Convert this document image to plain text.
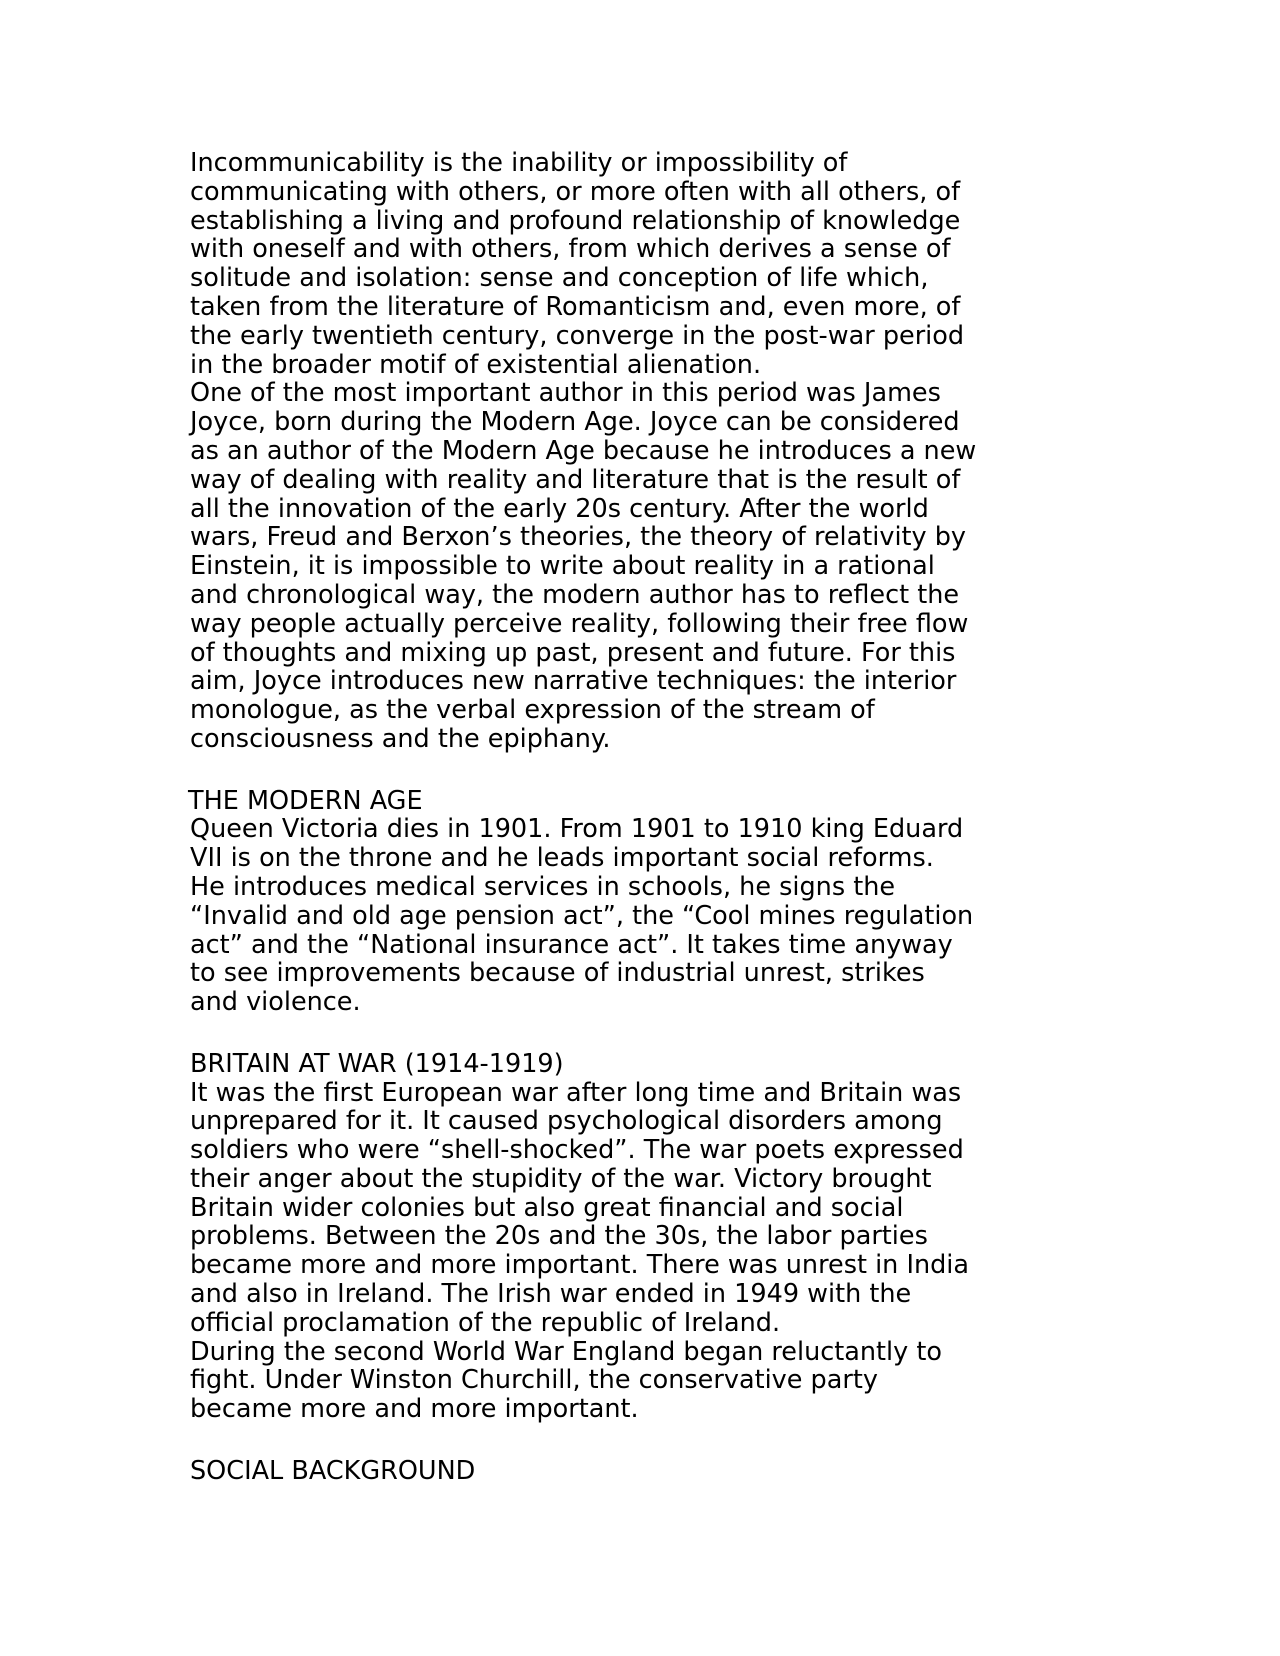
Incommunicability is the inability or impossibility of
communicating with others, or more often with all others, of
establishing a living and profound relationship of knowledge
with oneself and with others, from which derives a sense of
solitude and isolation: sense and conception of life which,
taken from the literature of Romanticism and, even more, of
the early twentieth century, converge in the post-war period
in the broader motif of existential alienation.

One of the most important author in this period was James
Joyce, born during the Modern Age. Joyce can be considered
as an author of the Modern Age because he introduces a new
way of dealing with reality and literature that is the result of
all the innovation of the early 20s century. After the world
wars, Freud and Berxon’s theories, the theory of relativity by
Einstein, it is impossible to write about reality in a rational
and chronological way, the modern author has to reflect the
way people actually perceive reality, following their free flow
of thoughts and mixing up past, present and future. For this
aim, Joyce introduces new narrative techniques: the interior
monologue, as the verbal expression of the stream of
consciousness and the epiphany.

THE MODERN AGE

Queen Victoria dies in 1901. From 1901 to 1910 king Eduard
VII is on the throne and he leads important social reforms.
He introduces medical services in schools, he signs the
“Invalid and old age pension act”, the “Cool mines regulation
act” and the “National insurance act”. It takes time anyway
to see improvements because of industrial unrest, strikes
and violence.

BRITAIN AT WAR (1914-1919)

It was the first European war after long time and Britain was
unprepared for it. It caused psychological disorders among
soldiers who were “shell-shocked”. The war poets expressed
their anger about the stupidity of the war. Victory brought
Britain wider colonies but also great financial and social
problems. Between the 20s and the 30s, the labor parties
became more and more important. There was unrest in India
and also in Ireland. The Irish war ended in 1949 with the
official proclamation of the republic of Ireland.

During the second World War England began reluctantly to
fight. Under Winston Churchill, the conservative party
became more and more important.

SOCIAL BACKGROUND
